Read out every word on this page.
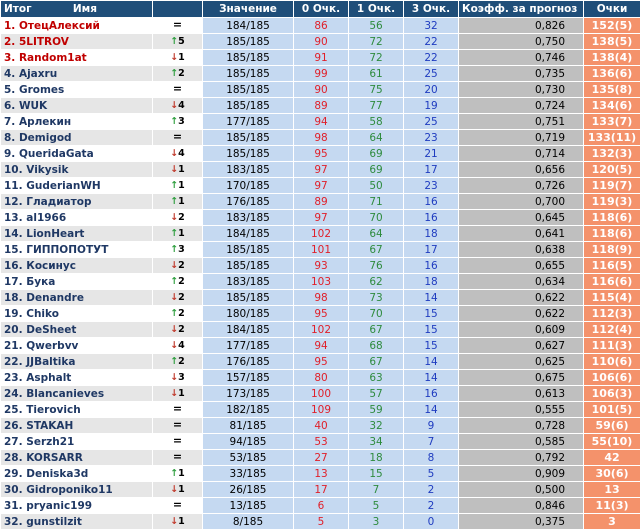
Итог Имя		Значение	0 Очк.	1 Очк.	3 Очк.	Коэфф. за прогноз	Очки
1. ОтецАлексий	=	184/185	86	56	32	0,826	152(5)
2. 5LITROV	↑5	185/185	90	72	22	0,750	138(5)
3. Random1at	↓1	185/185	91	72	22	0,746	138(4)
4. Ajaxru	↑2	185/185	99	61	25	0,735	136(6)
5. Gromes	=	185/185	90	75	20	0,730	135(8)
6. WUK	↓4	185/185	89	77	19	0,724	134(6)
7. Арлекин	↑3	177/185	94	58	25	0,751	133(7)
8. Demigod	=	185/185	98	64	23	0,719	133(11)
9. QueridaGata	↓4	185/185	95	69	21	0,714	132(3)
10. Vikysik	↓1	183/185	97	69	17	0,656	120(5)
11. GuderianWH	↑1	170/185	97	50	23	0,726	119(7)
12. Гладиатор	↑1	176/185	89	71	16	0,700	119(3)
13. al1966	↓2	183/185	97	70	16	0,645	118(6)
14. LionHeart	↑1	184/185	102	64	18	0,641	118(6)
15. ГИППОПОТУТ	↑3	185/185	101	67	17	0,638	118(9)
16. Косинус	↓2	185/185	93	76	16	0,655	116(5)
17. Бука	↑2	183/185	103	62	18	0,634	116(6)
18. Denandre	↓2	185/185	98	73	14	0,622	115(4)
19. Chiko	↑2	180/185	95	70	15	0,622	112(3)
20. DeSheet	↓2	184/185	102	67	15	0,609	112(4)
21. Qwerbvv	↓4	177/185	94	68	15	0,627	111(3)
22. JJBaltika	↑2	176/185	95	67	14	0,625	110(6)
23. Asphalt	↓3	157/185	80	63	14	0,675	106(6)
24. Blancanieves	↓1	173/185	100	57	16	0,613	106(3)
25. Tierovich	=	182/185	109	59	14	0,555	101(5)
26. STAKAH	=	81/185	40	32	9	0,728	59(6)
27. Serzh21	=	94/185	53	34	7	0,585	55(10)
28. KORSARR	=	53/185	27	18	8	0,792	42
29. Deniska3d	↑1	33/185	13	15	5	0,909	30(6)
30. Gidroponiko11	↓1	26/185	17	7	2	0,500	13
31. pryanic199	=	13/185	6	5	2	0,846	11(3)
32. gunstilzit	↓1	8/185	5	3	0	0,375	3
